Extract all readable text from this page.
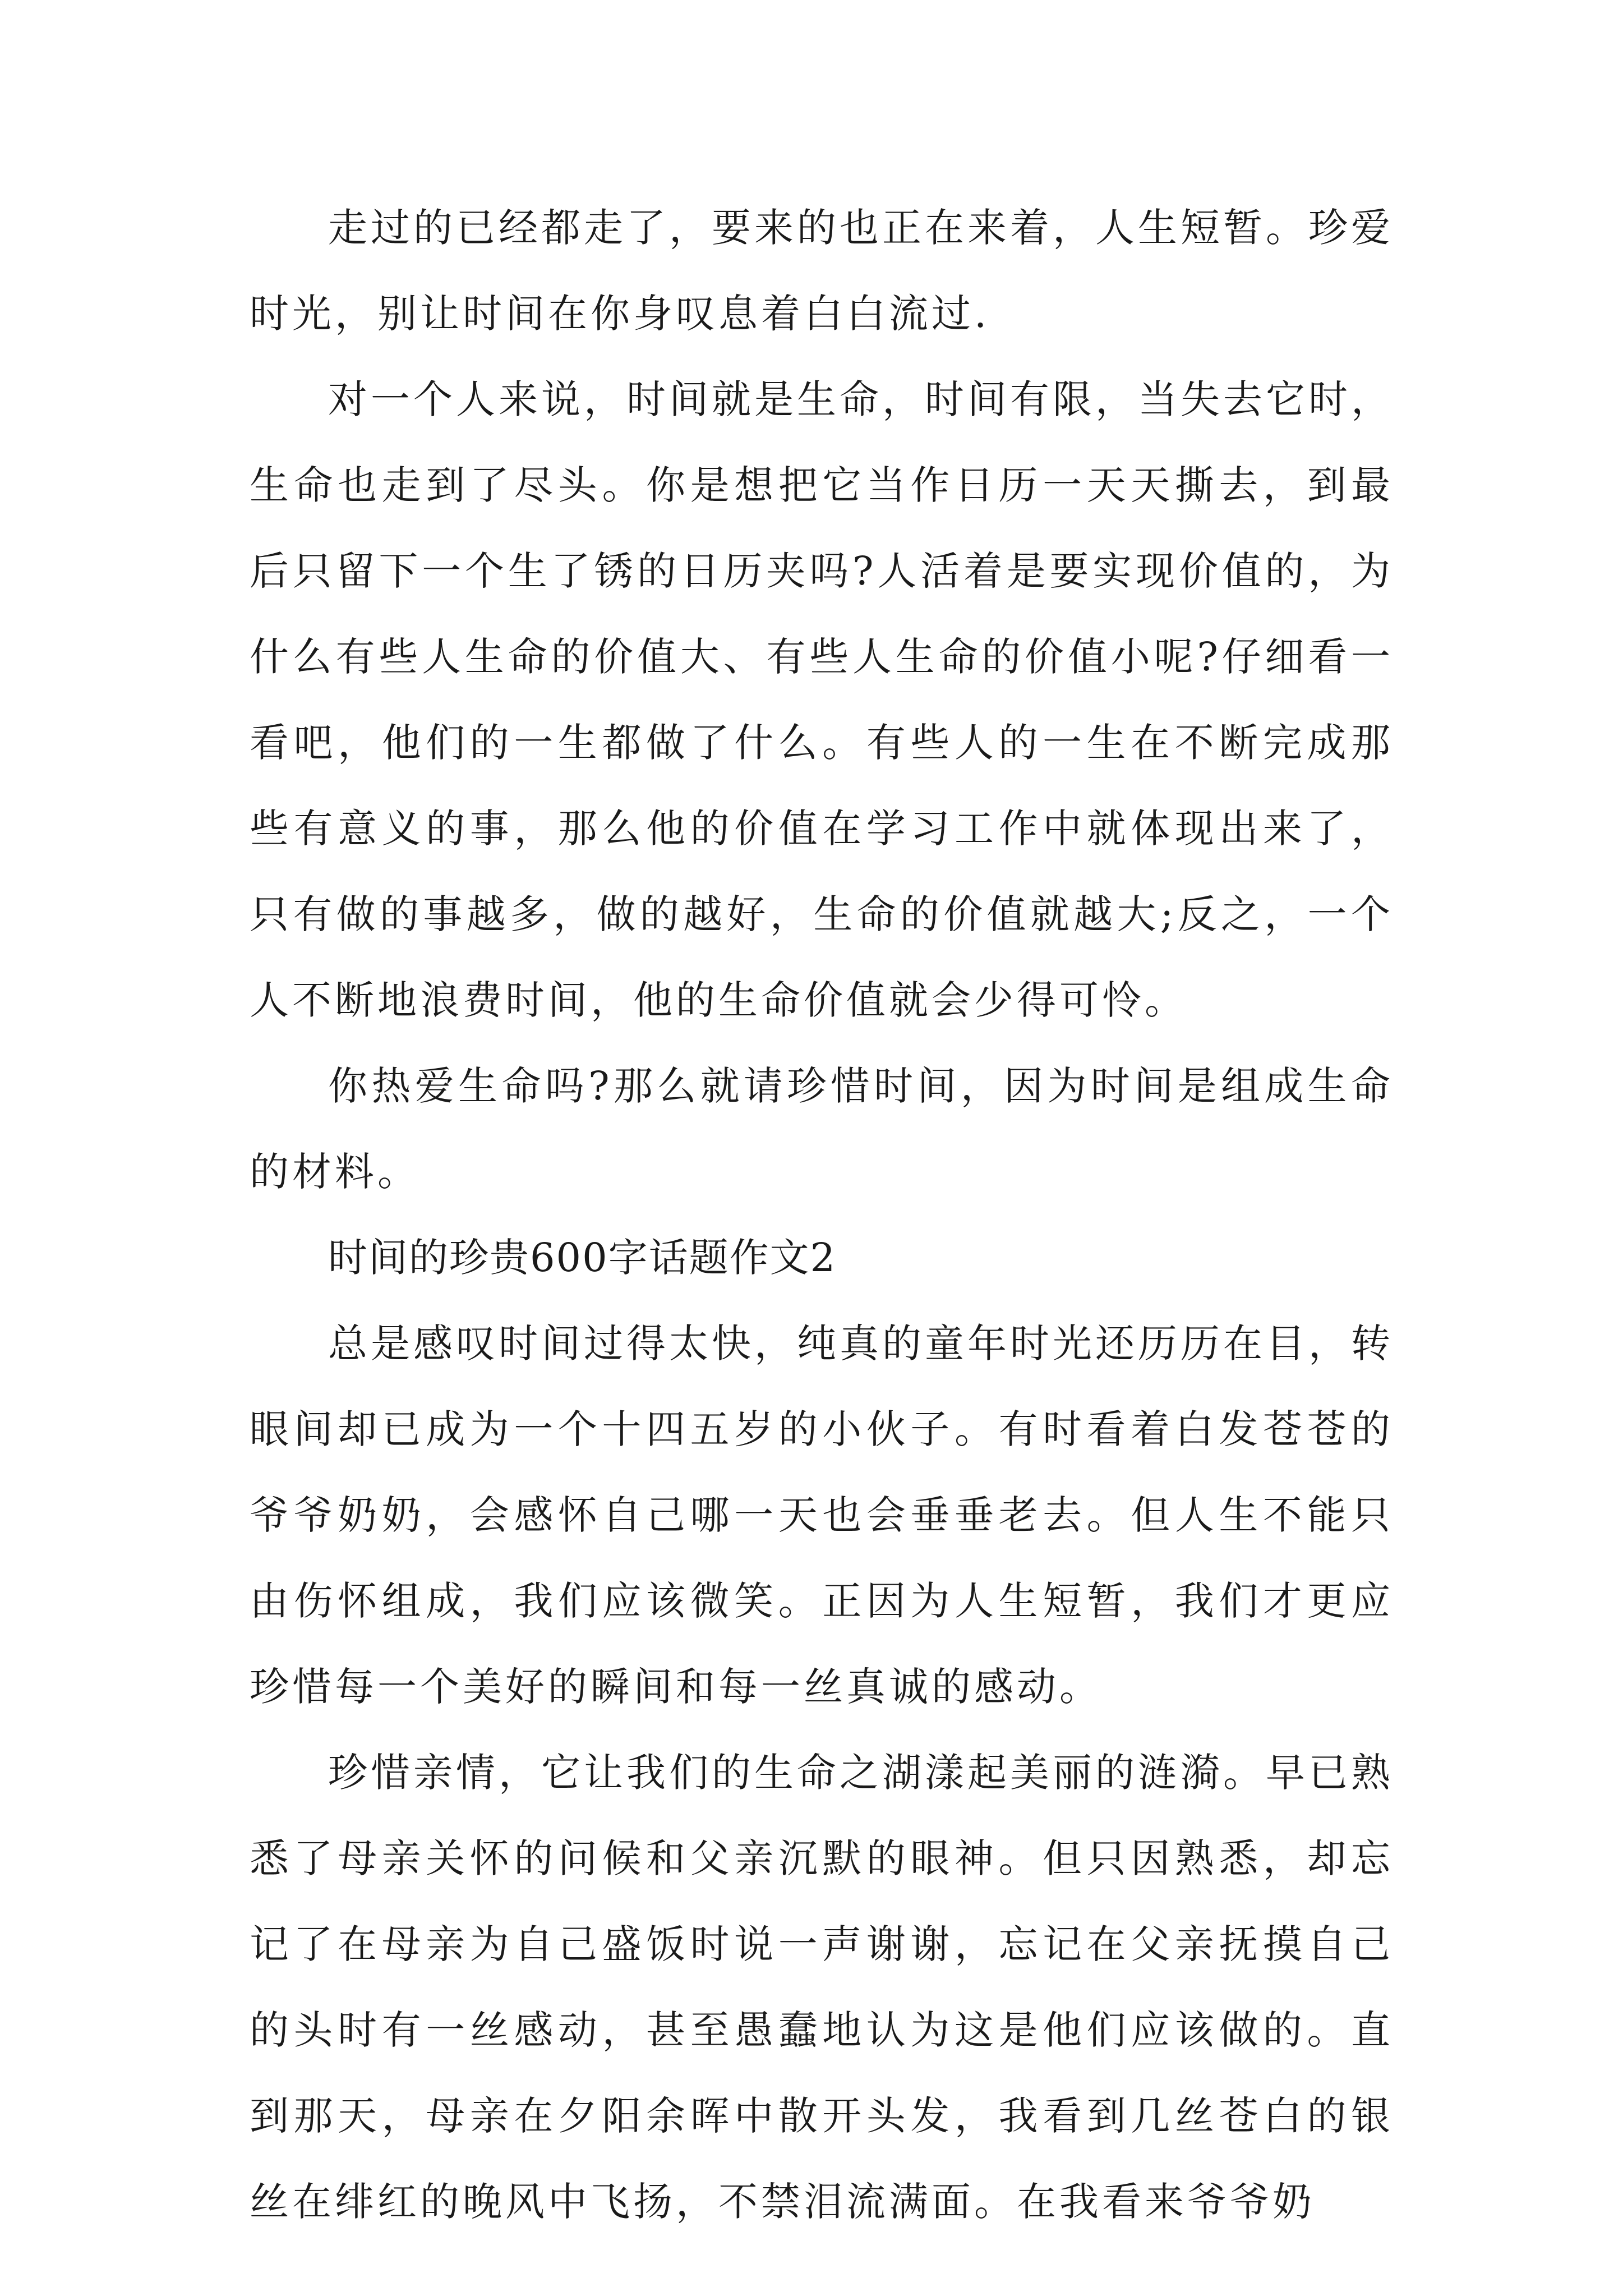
走过的已经都走了，要来的也正在来着，人生短暂。珍爱时光，别让时间在你身叹息着白白流过.

对一个人来说，时间就是生命，时间有限，当失去它时，生命也走到了尽头。你是想把它当作日历一天天撕去，到最后只留下一个生了锈的日历夹吗?人活着是要实现价值的，为什么有些人生命的价值大、有些人生命的价值小呢?仔细看一看吧，他们的一生都做了什么。有些人的一生在不断完成那些有意义的事，那么他的价值在学习工作中就体现出来了，只有做的事越多，做的越好，生命的价值就越大;反之，一个人不断地浪费时间，他的生命价值就会少得可怜。

你热爱生命吗?那么就请珍惜时间，因为时间是组成生命的材料。

时间的珍贵600字话题作文2

总是感叹时间过得太快，纯真的童年时光还历历在目，转眼间却已成为一个十四五岁的小伙子。有时看着白发苍苍的爷爷奶奶，会感怀自己哪一天也会垂垂老去。但人生不能只由伤怀组成，我们应该微笑。正因为人生短暂，我们才更应珍惜每一个美好的瞬间和每一丝真诚的感动。

珍惜亲情，它让我们的生命之湖漾起美丽的涟漪。早已熟悉了母亲关怀的问候和父亲沉默的眼神。但只因熟悉，却忘记了在母亲为自己盛饭时说一声谢谢，忘记在父亲抚摸自己的头时有一丝感动，甚至愚蠢地认为这是他们应该做的。直到那天，母亲在夕阳余晖中散开头发，我看到几丝苍白的银丝在绯红的晚风中飞扬，不禁泪流满面。在我看来爷爷奶
